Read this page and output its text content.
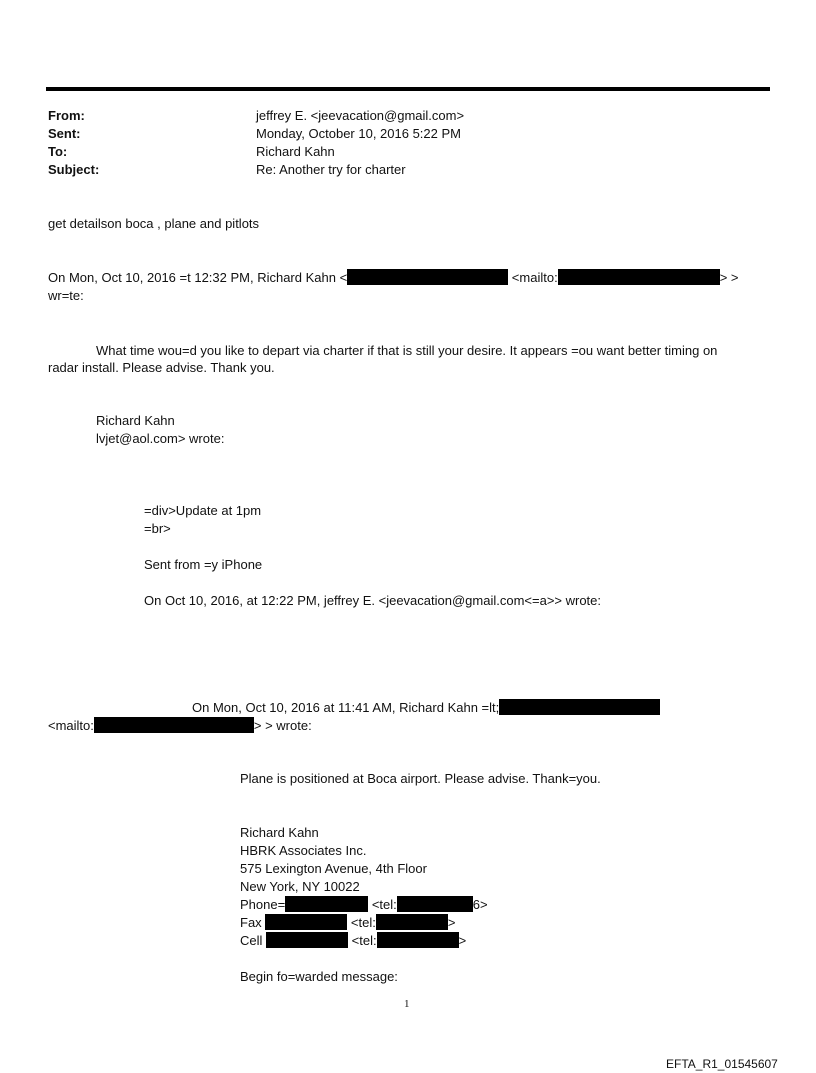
From:	jeffrey E. <jeevacation@gmail.com>
Sent:	Monday, October 10, 2016 5:22 PM
To:	Richard Kahn
Subject:	Re: Another try for charter
get detailson boca , plane and pitlots
On Mon, Oct 10, 2016 =t 12:32 PM, Richard Kahn <	<mailto:	> >
wr=te:
What time wou=d you like to depart via charter if that is still your desire. It appears =ou want better timing on
radar install. Please advise. Thank you.
Richard Kahn
lvjet@aol.com> wrote:
=div>Update at 1pm
=br>
Sent from =y iPhone
On Oct 10, 2016, at 12:22 PM, jeffrey E. <jeevacation@gmail.com<=a>> wrote:
On Mon, Oct 10, 2016 at 11:41 AM, Richard Kahn =lt;
<mailto:	> > wrote:
Plane is positioned at Boca airport. Please advise. Thank=you.
Richard Kahn
HBRK Associates Inc.
575 Lexington Avenue, 4th Floor
New York, NY 10022
Phone=	<tel:	6>
Fax	<tel:	>
Cell	<tel:	>
Begin fo=warded message:
1
EFTA_R1_01545607
